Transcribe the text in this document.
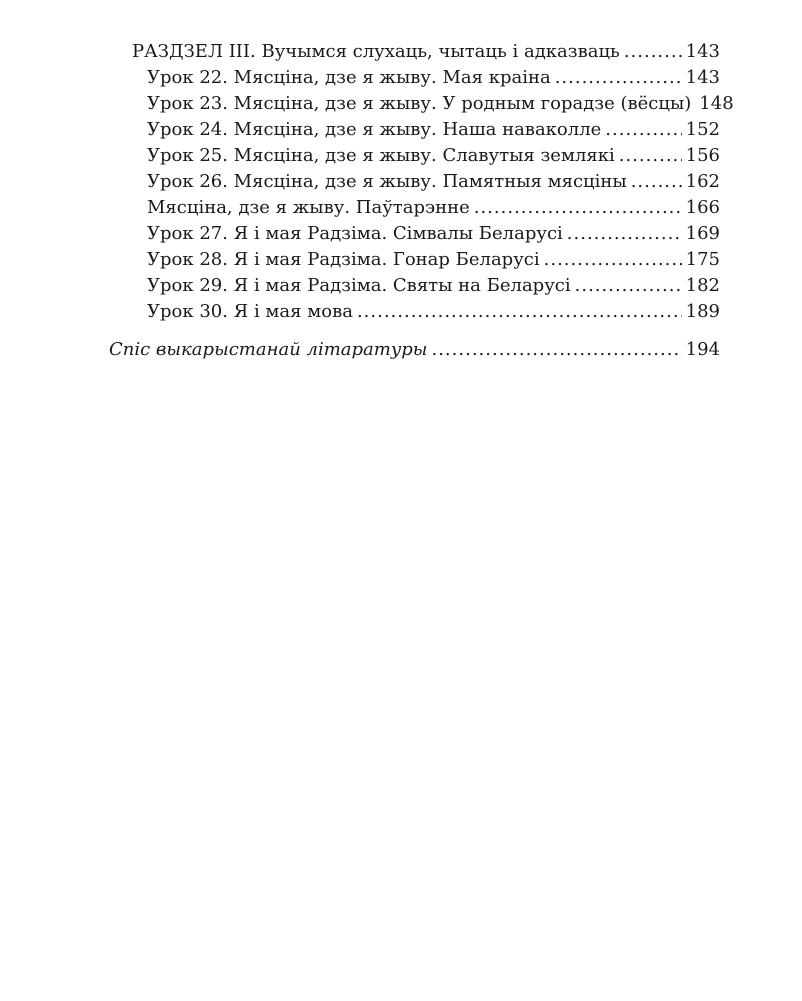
РАЗДЗЕЛ ІІІ. Вучымся слухаць, чытаць і адказваць .....	143
Урок 22. Мясціна, дзе я жыву. Мая краіна .....	143
Урок 23. Мясціна, дзе я жыву. У родным горадзе (вёсцы) 148
Урок 24. Мясціна, дзе я жыву. Наша наваколле .....	152
Урок 25. Мясціна, дзе я жыву. Славутыя землякі .....	156
Урок 26. Мясціна, дзе я жыву. Памятныя мясціны .....	162
Мясціна, дзе я жыву. Паўтарэнне .....	166
Урок 27. Я і мая Радзіма. Сімвалы Беларусі .....	169
Урок 28. Я і мая Радзіма. Гонар Беларусі .....	175
Урок 29. Я і мая Радзіма. Святы на Беларусі .....	182
Урок 30. Я і мая мова .....	189
Спіс выкарыстанай літаратуры .....	194
